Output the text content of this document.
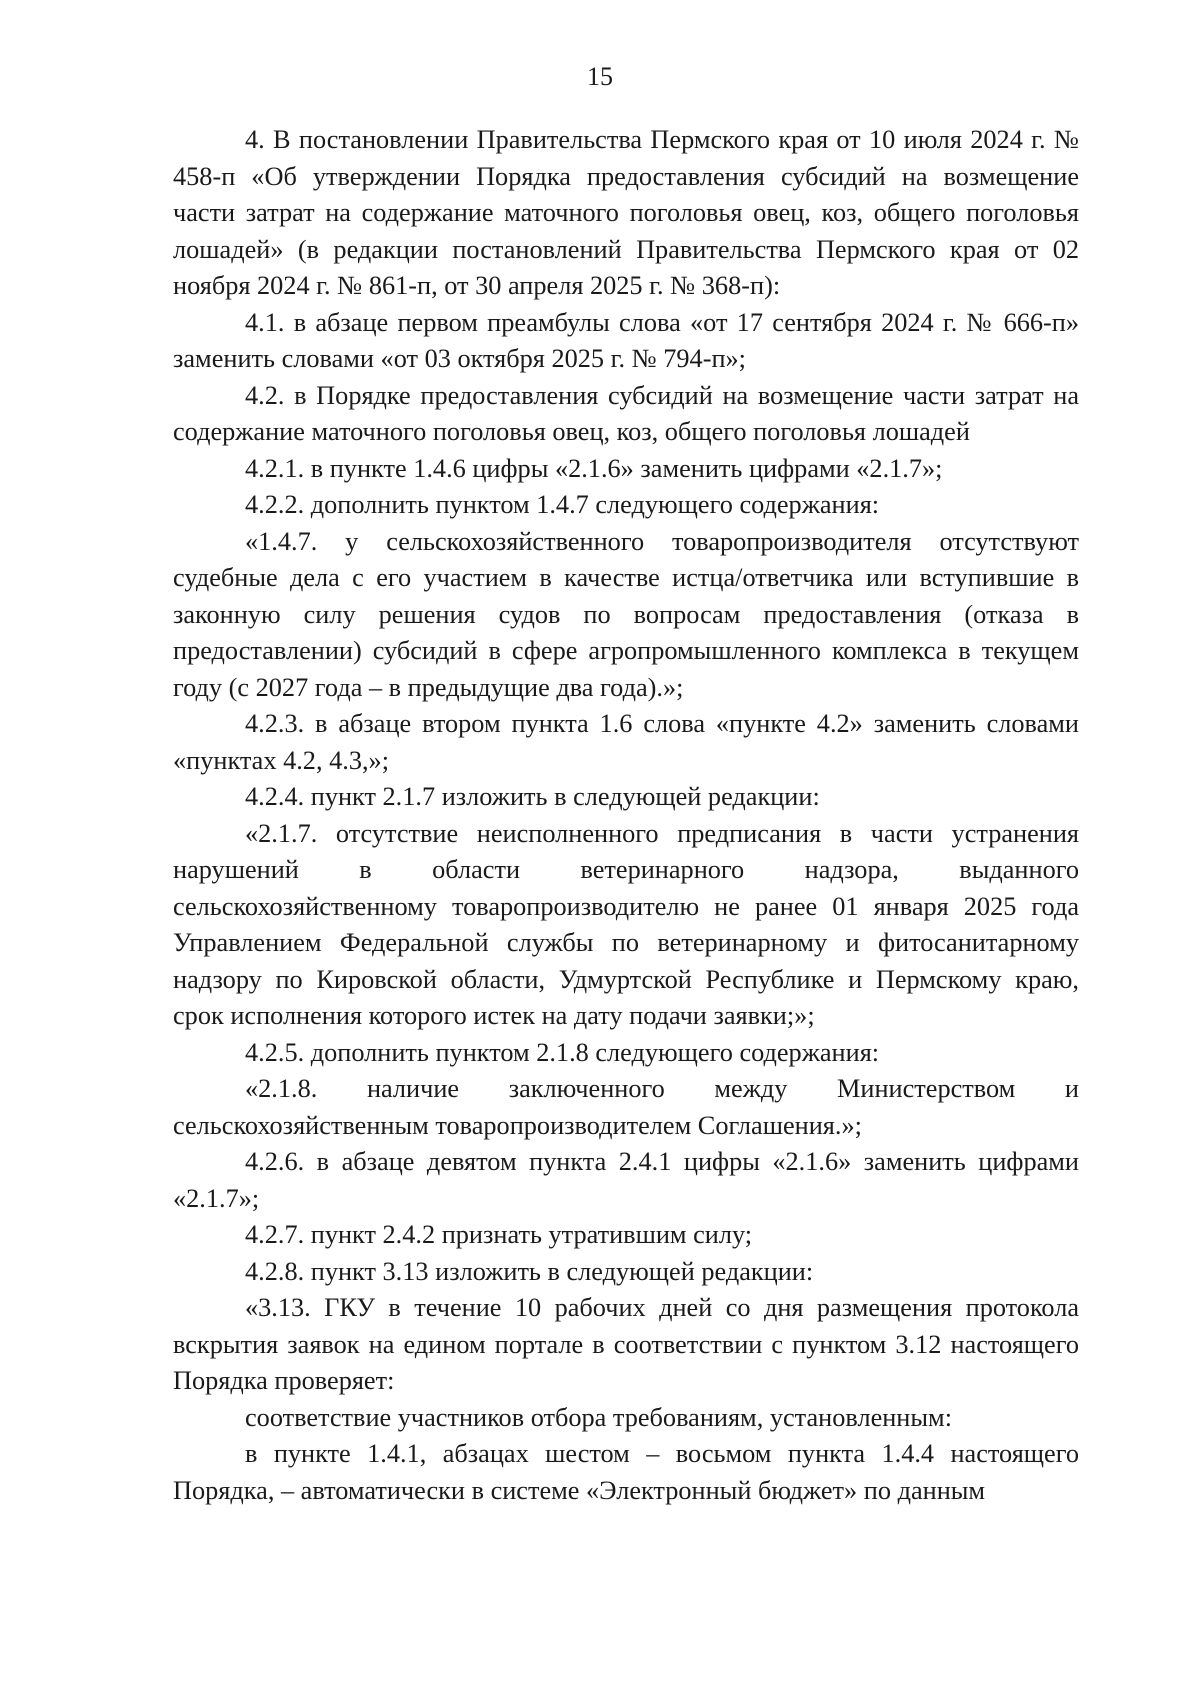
15

4. В постановлении Правительства Пермского края от 10 июля 2024 г. № 458-п «Об утверждении Порядка предоставления субсидий на возмещение части затрат на содержание маточного поголовья овец, коз, общего поголовья лошадей» (в редакции постановлений Правительства Пермского края от 02 ноября 2024 г. № 861-п, от 30 апреля 2025 г. № 368-п):

4.1. в абзаце первом преамбулы слова «от 17 сентября 2024 г. № 666-п» заменить словами «от 03 октября 2025 г. № 794-п»;

4.2. в Порядке предоставления субсидий на возмещение части затрат на содержание маточного поголовья овец, коз, общего поголовья лошадей

4.2.1. в пункте 1.4.6 цифры «2.1.6» заменить цифрами «2.1.7»;

4.2.2. дополнить пунктом 1.4.7 следующего содержания:

«1.4.7. у сельскохозяйственного товаропроизводителя отсутствуют судебные дела с его участием в качестве истца/ответчика или вступившие в законную силу решения судов по вопросам предоставления (отказа в предоставлении) субсидий в сфере агропромышленного комплекса в текущем году (с 2027 года – в предыдущие два года).»;

4.2.3. в абзаце втором пункта 1.6 слова «пункте 4.2» заменить словами «пунктах 4.2, 4.3,»;

4.2.4. пункт 2.1.7 изложить в следующей редакции:

«2.1.7. отсутствие неисполненного предписания в части устранения нарушений в области ветеринарного надзора, выданного сельскохозяйственному товаропроизводителю не ранее 01 января 2025 года Управлением Федеральной службы по ветеринарному и фитосанитарному надзору по Кировской области, Удмуртской Республике и Пермскому краю, срок исполнения которого истек на дату подачи заявки;»;

4.2.5. дополнить пунктом 2.1.8 следующего содержания:

«2.1.8. наличие заключенного между Министерством и сельскохозяйственным товаропроизводителем Соглашения.»;

4.2.6. в абзаце девятом пункта 2.4.1 цифры «2.1.6» заменить цифрами «2.1.7»;

4.2.7. пункт 2.4.2 признать утратившим силу;

4.2.8. пункт 3.13 изложить в следующей редакции:

«3.13. ГКУ в течение 10 рабочих дней со дня размещения протокола вскрытия заявок на едином портале в соответствии с пунктом 3.12 настоящего Порядка проверяет:

соответствие участников отбора требованиям, установленным:

в пункте 1.4.1, абзацах шестом – восьмом пункта 1.4.4 настоящего Порядка, – автоматически в системе «Электронный бюджет» по данным
